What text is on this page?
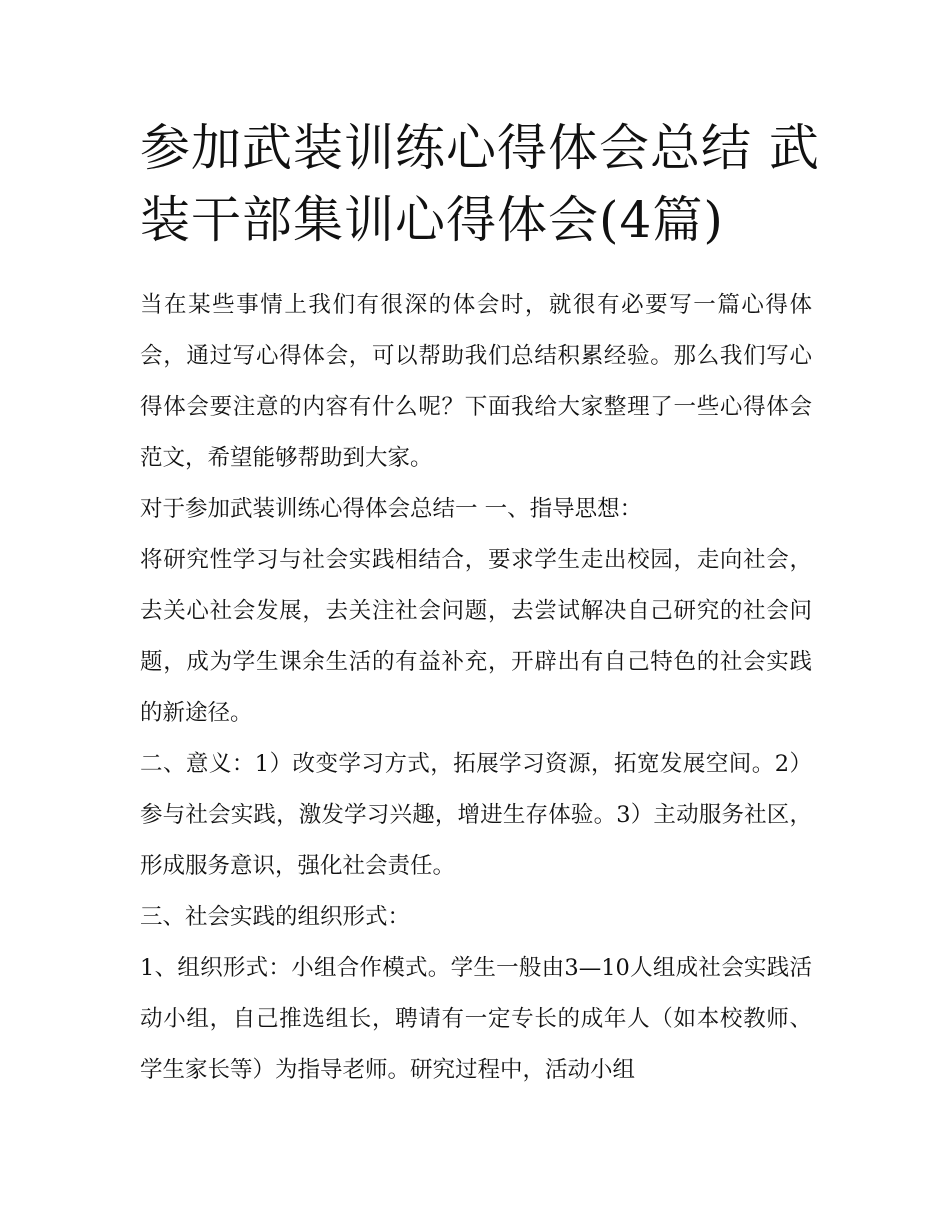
参加武装训练心得体会总结 武装干部集训心得体会(4篇)

当在某些事情上我们有很深的体会时，就很有必要写一篇心得体会，通过写心得体会，可以帮助我们总结积累经验。那么我们写心得体会要注意的内容有什么呢？下面我给大家整理了一些心得体会范文，希望能够帮助到大家。

对于参加武装训练心得体会总结一 一、指导思想：

将研究性学习与社会实践相结合，要求学生走出校园，走向社会，去关心社会发展，去关注社会问题，去尝试解决自己研究的社会问题，成为学生课余生活的有益补充，开辟出有自己特色的社会实践的新途径。

二、意义：1）改变学习方式，拓展学习资源，拓宽发展空间。2）参与社会实践，激发学习兴趣，增进生存体验。3）主动服务社区，形成服务意识，强化社会责任。

三、社会实践的组织形式：

1、组织形式：小组合作模式。学生一般由3—10人组成社会实践活动小组，自己推选组长，聘请有一定专长的成年人（如本校教师、学生家长等）为指导老师。研究过程中，活动小组
